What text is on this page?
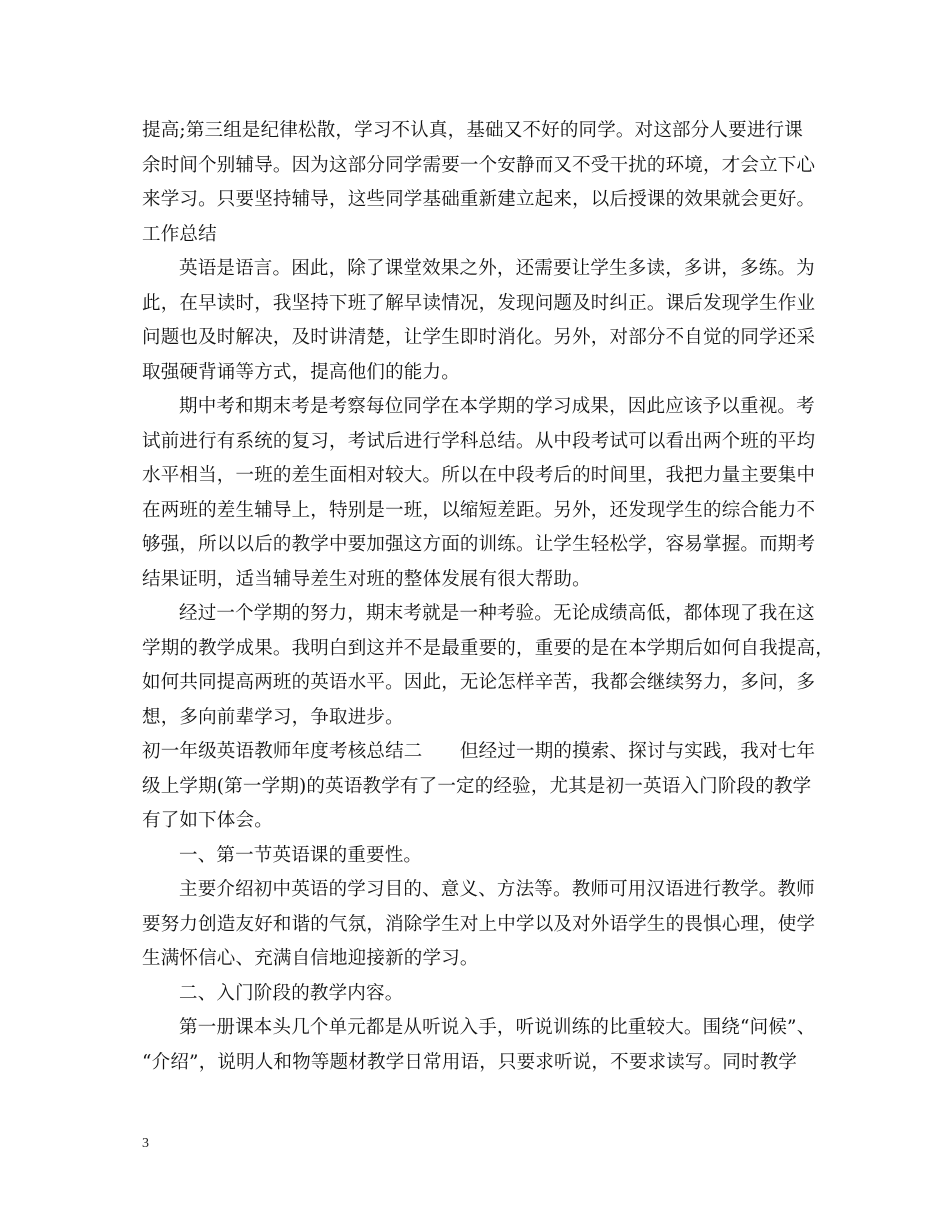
提高;第三组是纪律松散，学习不认真，基础又不好的同学。对这部分人要进行课
余时间个别辅导。因为这部分同学需要一个安静而又不受干扰的环境，才会立下心
来学习。只要坚持辅导，这些同学基础重新建立起来，以后授课的效果就会更好。
工作总结
英语是语言。困此，除了课堂效果之外，还需要让学生多读，多讲，多练。为
此，在早读时，我坚持下班了解早读情况，发现问题及时纠正。课后发现学生作业
问题也及时解决，及时讲清楚，让学生即时消化。另外，对部分不自觉的同学还采
取强硬背诵等方式，提高他们的能力。
期中考和期末考是考察每位同学在本学期的学习成果，因此应该予以重视。考
试前进行有系统的复习，考试后进行学科总结。从中段考试可以看出两个班的平均
水平相当，一班的差生面相对较大。所以在中段考后的时间里，我把力量主要集中
在两班的差生辅导上，特别是一班，以缩短差距。另外，还发现学生的综合能力不
够强，所以以后的教学中要加强这方面的训练。让学生轻松学，容易掌握。而期考
结果证明，适当辅导差生对班的整体发展有很大帮助。
经过一个学期的努力，期末考就是一种考验。无论成绩高低，都体现了我在这
学期的教学成果。我明白到这并不是最重要的，重要的是在本学期后如何自我提高，
如何共同提高两班的英语水平。因此，无论怎样辛苦，我都会继续努力，多问，多
想，多向前辈学习，争取进步。
初一年级英语教师年度考核总结二　　但经过一期的摸索、探讨与实践，我对七年
级上学期(第一学期)的英语教学有了一定的经验，尤其是初一英语入门阶段的教学
有了如下体会。
一、第一节英语课的重要性。
主要介绍初中英语的学习目的、意义、方法等。教师可用汉语进行教学。教师
要努力创造友好和谐的气氛，消除学生对上中学以及对外语学生的畏惧心理，使学
生满怀信心、充满自信地迎接新的学习。
二、入门阶段的教学内容。
第一册课本头几个单元都是从听说入手，听说训练的比重较大。围绕“问候”、
“介绍”，说明人和物等题材教学日常用语，只要求听说，不要求读写。同时教学
3
